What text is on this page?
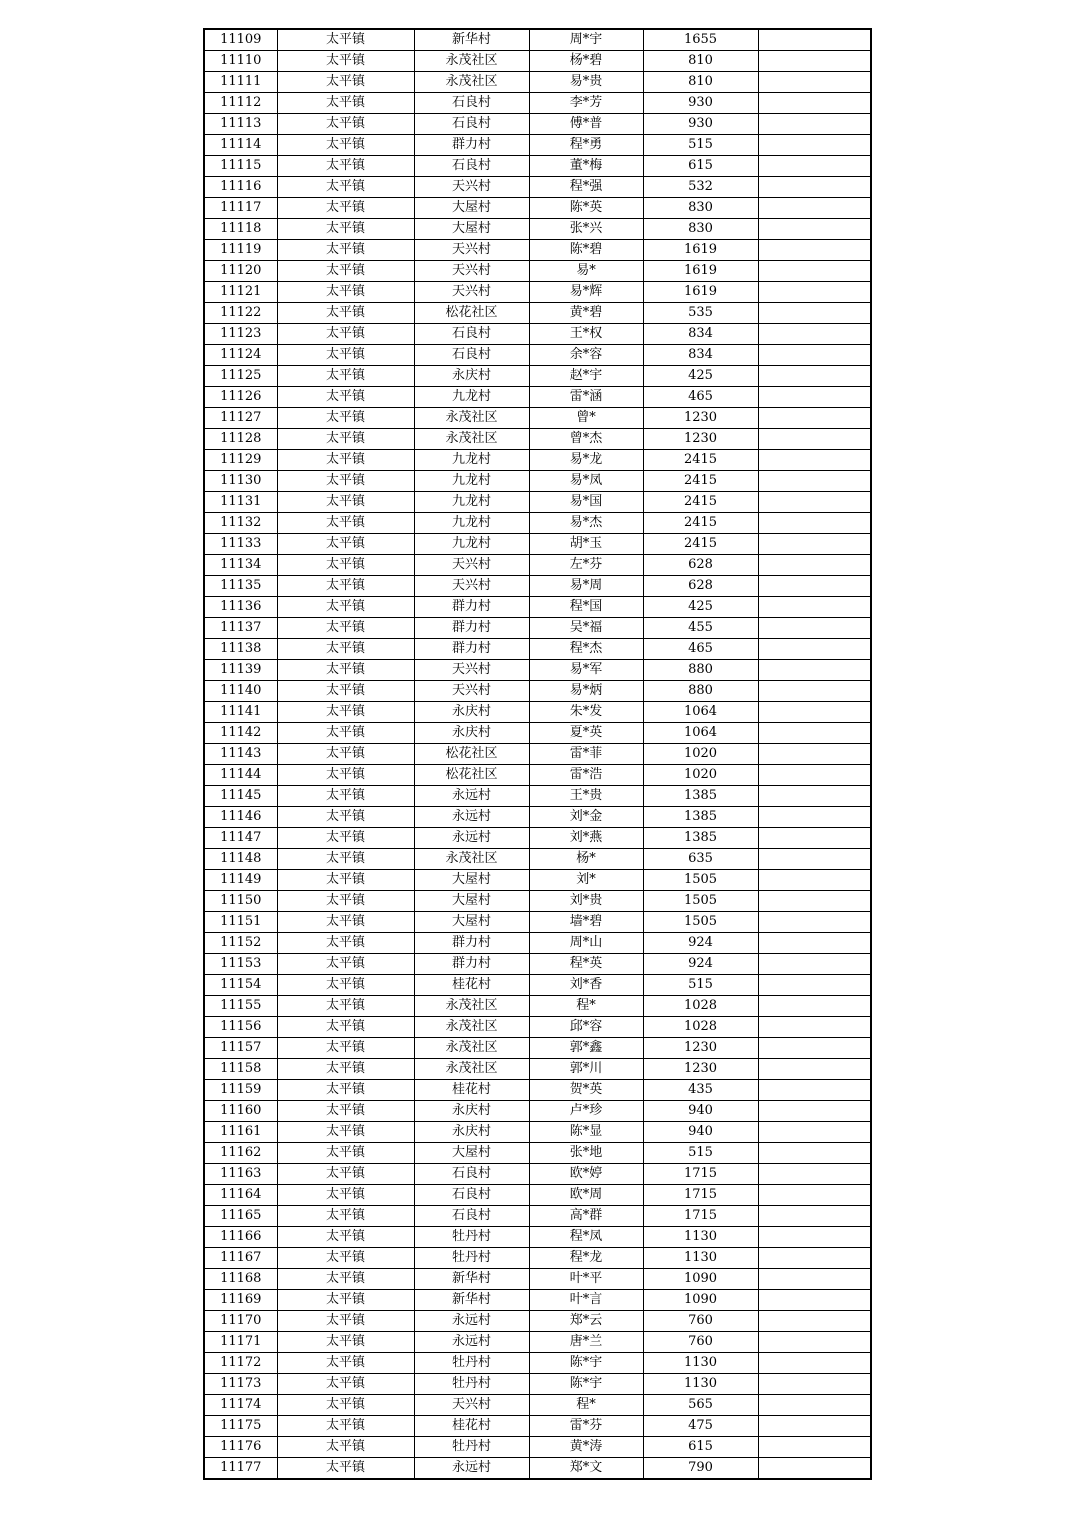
11109	太平镇	新华村	周*宇	1655	
11110	太平镇	永茂社区	杨*碧	810	
11111	太平镇	永茂社区	易*贵	810	
11112	太平镇	石良村	李*芳	930	
11113	太平镇	石良村	傅*普	930	
11114	太平镇	群力村	程*勇	515	
11115	太平镇	石良村	董*梅	615	
11116	太平镇	天兴村	程*强	532	
11117	太平镇	大屋村	陈*英	830	
11118	太平镇	大屋村	张*兴	830	
11119	太平镇	天兴村	陈*碧	1619	
11120	太平镇	天兴村	易*	1619	
11121	太平镇	天兴村	易*辉	1619	
11122	太平镇	松花社区	黄*碧	535	
11123	太平镇	石良村	王*权	834	
11124	太平镇	石良村	余*容	834	
11125	太平镇	永庆村	赵*宇	425	
11126	太平镇	九龙村	雷*涵	465	
11127	太平镇	永茂社区	曾*	1230	
11128	太平镇	永茂社区	曾*杰	1230	
11129	太平镇	九龙村	易*龙	2415	
11130	太平镇	九龙村	易*凤	2415	
11131	太平镇	九龙村	易*国	2415	
11132	太平镇	九龙村	易*杰	2415	
11133	太平镇	九龙村	胡*玉	2415	
11134	太平镇	天兴村	左*芬	628	
11135	太平镇	天兴村	易*周	628	
11136	太平镇	群力村	程*国	425	
11137	太平镇	群力村	吴*福	455	
11138	太平镇	群力村	程*杰	465	
11139	太平镇	天兴村	易*军	880	
11140	太平镇	天兴村	易*炳	880	
11141	太平镇	永庆村	朱*发	1064	
11142	太平镇	永庆村	夏*英	1064	
11143	太平镇	松花社区	雷*菲	1020	
11144	太平镇	松花社区	雷*浩	1020	
11145	太平镇	永远村	王*贵	1385	
11146	太平镇	永远村	刘*金	1385	
11147	太平镇	永远村	刘*燕	1385	
11148	太平镇	永茂社区	杨*	635	
11149	太平镇	大屋村	刘*	1505	
11150	太平镇	大屋村	刘*贵	1505	
11151	太平镇	大屋村	墙*碧	1505	
11152	太平镇	群力村	周*山	924	
11153	太平镇	群力村	程*英	924	
11154	太平镇	桂花村	刘*香	515	
11155	太平镇	永茂社区	程*	1028	
11156	太平镇	永茂社区	邱*容	1028	
11157	太平镇	永茂社区	郭*鑫	1230	
11158	太平镇	永茂社区	郭*川	1230	
11159	太平镇	桂花村	贺*英	435	
11160	太平镇	永庆村	卢*珍	940	
11161	太平镇	永庆村	陈*显	940	
11162	太平镇	大屋村	张*地	515	
11163	太平镇	石良村	欧*婷	1715	
11164	太平镇	石良村	欧*周	1715	
11165	太平镇	石良村	高*群	1715	
11166	太平镇	牡丹村	程*凤	1130	
11167	太平镇	牡丹村	程*龙	1130	
11168	太平镇	新华村	叶*平	1090	
11169	太平镇	新华村	叶*言	1090	
11170	太平镇	永远村	郑*云	760	
11171	太平镇	永远村	唐*兰	760	
11172	太平镇	牡丹村	陈*宇	1130	
11173	太平镇	牡丹村	陈*宇	1130	
11174	太平镇	天兴村	程*	565	
11175	太平镇	桂花村	雷*芬	475	
11176	太平镇	牡丹村	黄*涛	615	
11177	太平镇	永远村	郑*文	790	
